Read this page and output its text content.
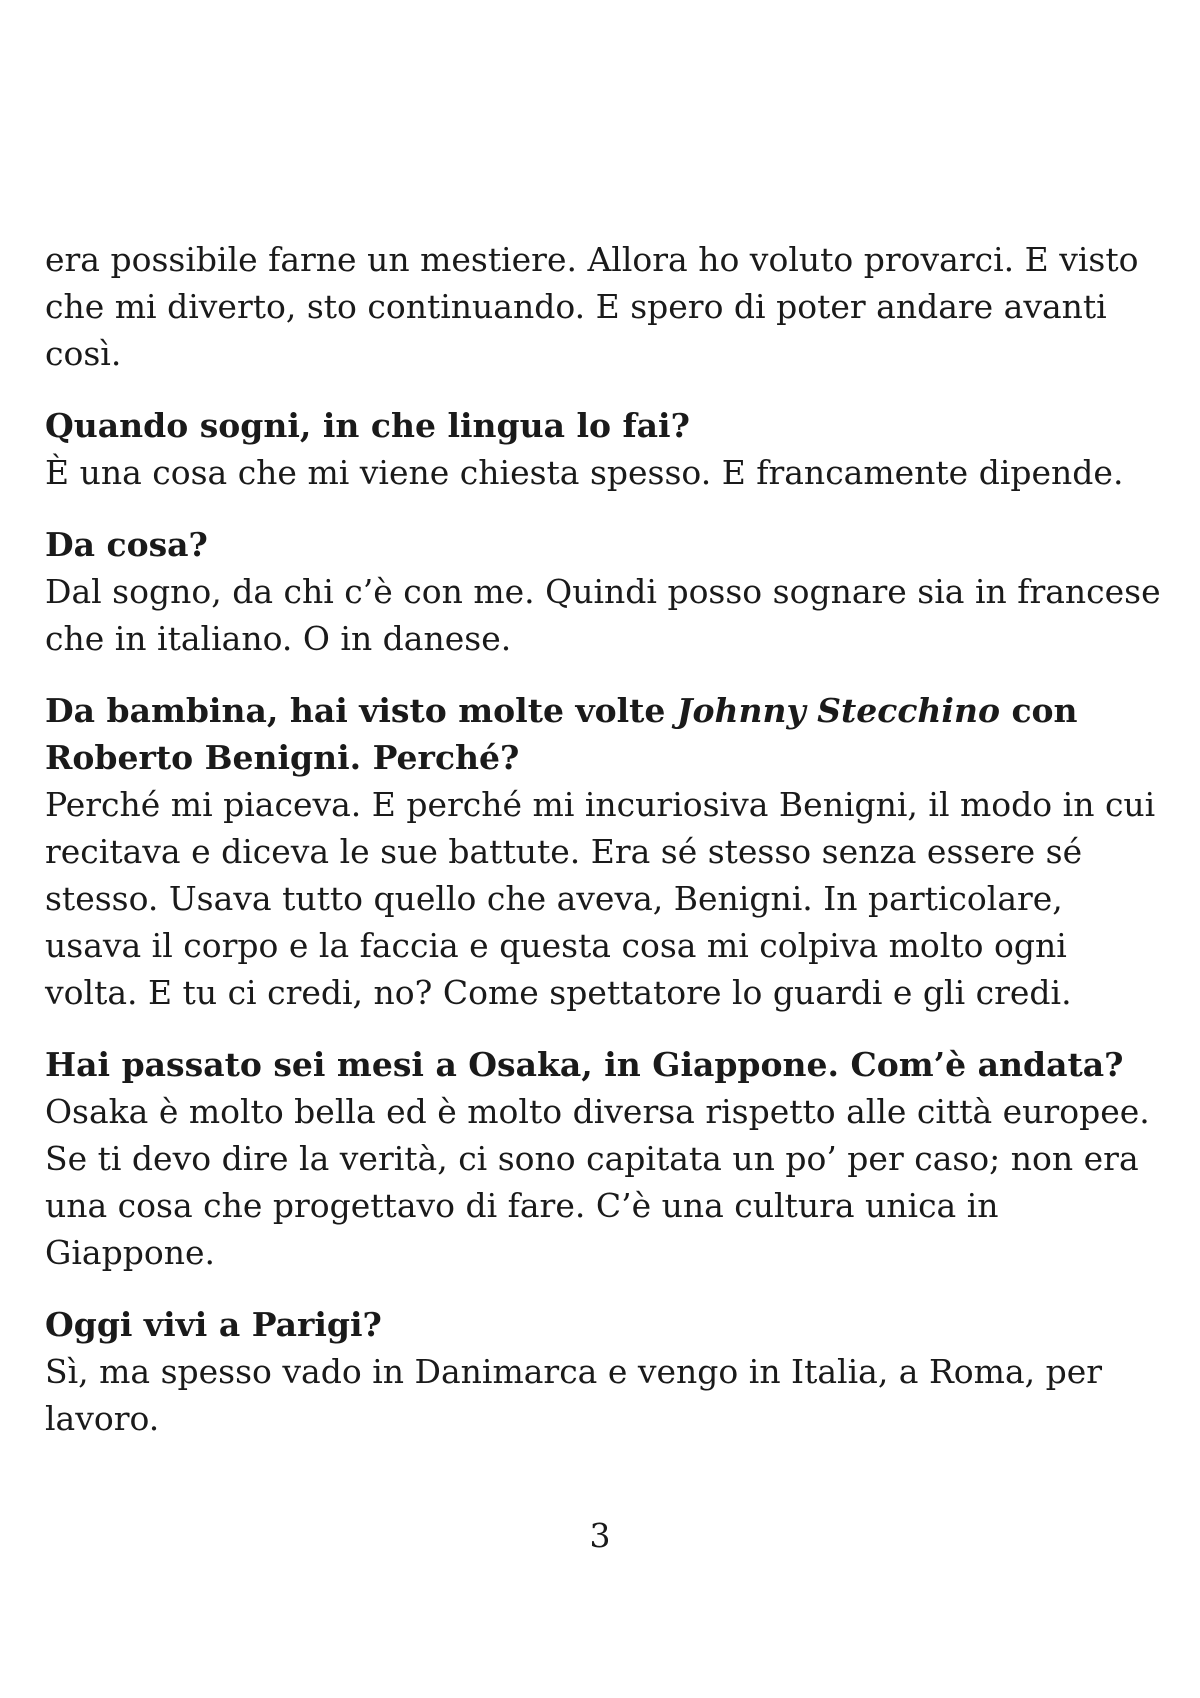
era possibile farne un mestiere. Allora ho voluto provarci. E visto che mi diverto, sto continuando. E spero di poter andare avanti così.

Quando sogni, in che lingua lo fai?

È una cosa che mi viene chiesta spesso. E francamente dipende.

Da cosa?

Dal sogno, da chi c’è con me. Quindi posso sognare sia in francese che in italiano. O in danese.

Da bambina, hai visto molte volte Johnny Stecchino con Roberto Benigni. Perché?

Perché mi piaceva. E perché mi incuriosiva Benigni, il modo in cui recitava e diceva le sue battute. Era sé stesso senza essere sé stesso. Usava tutto quello che aveva, Benigni. In particolare, usava il corpo e la faccia e questa cosa mi colpiva molto ogni volta. E tu ci credi, no? Come spettatore lo guardi e gli credi.

Hai passato sei mesi a Osaka, in Giappone. Com’è andata?

Osaka è molto bella ed è molto diversa rispetto alle città europee. Se ti devo dire la verità, ci sono capitata un po’ per caso; non era una cosa che progettavo di fare. C’è una cultura unica in Giappone.

Oggi vivi a Parigi?

Sì, ma spesso vado in Danimarca e vengo in Italia, a Roma, per lavoro.

3
